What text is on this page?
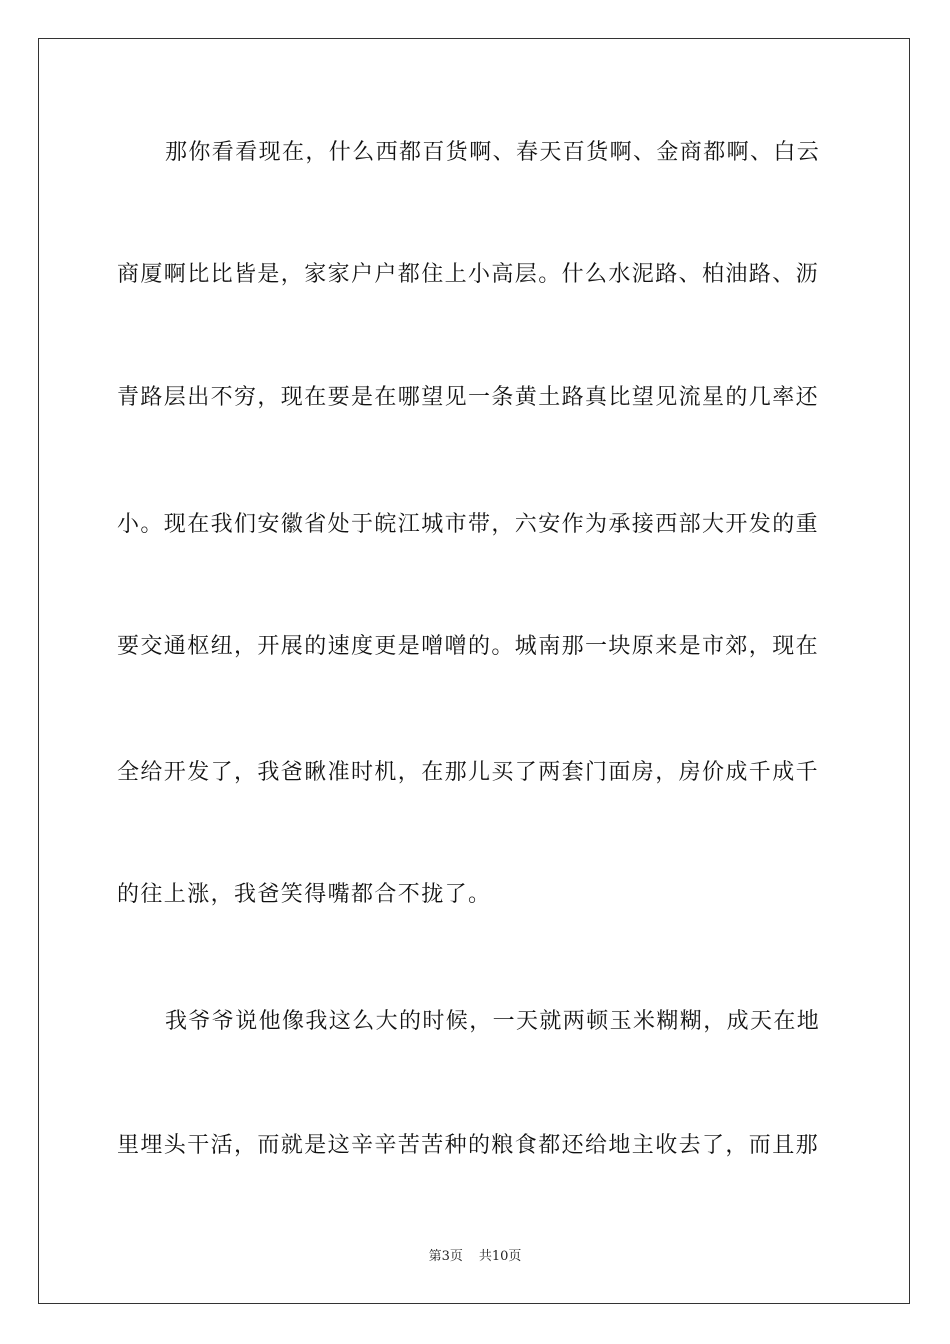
那你看看现在，什么西都百货啊、春天百货啊、金商都啊、白云
商厦啊比比皆是，家家户户都住上小高层。什么水泥路、柏油路、沥
青路层出不穷，现在要是在哪望见一条黄土路真比望见流星的几率还
小。现在我们安徽省处于皖江城市带，六安作为承接西部大开发的重
要交通枢纽，开展的速度更是噌噌的。城南那一块原来是市郊，现在
全给开发了，我爸瞅准时机，在那儿买了两套门面房，房价成千成千
的往上涨，我爸笑得嘴都合不拢了。
我爷爷说他像我这么大的时候，一天就两顿玉米糊糊，成天在地
里埋头干活，而就是这辛辛苦苦种的粮食都还给地主收去了，而且那
第3页 共10页
